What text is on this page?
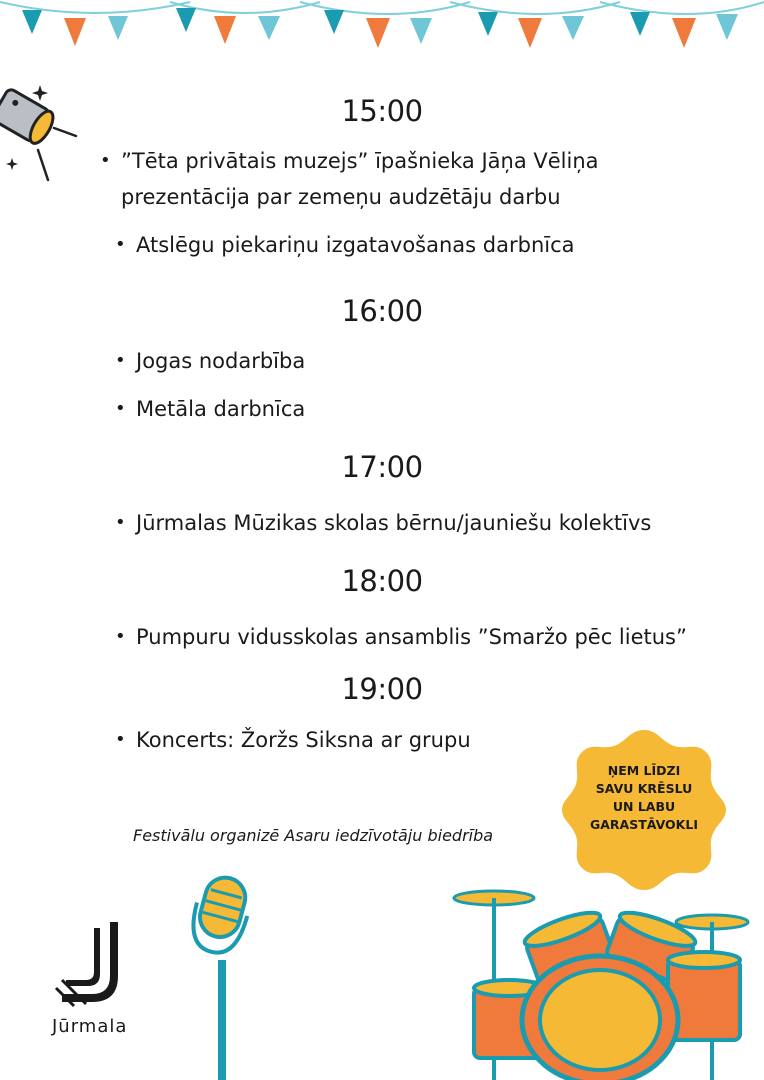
15:00
• ”Tēta privātais muzejs” īpašnieka Jāņa Vēliņa
prezentācija par zemeņu audzētāju darbu
• Atslēgu piekariņu izgatavošanas darbnīca
16:00
• Jogas nodarbība
• Metāla darbnīca
17:00
• Jūrmalas Mūzikas skolas bērnu/jauniešu kolektīvs
18:00
• Pumpuru vidusskolas ansamblis ”Smaržo pēc lietus”
19:00
• Koncerts: Žoržs Siksna ar grupu
Festivālu organizē Asaru iedzīvotāju biedrība
ŅEM LĪDZI
SAVU KRĒSLU
UN LABU
GARASTĀVOKLI
Jūrmala
